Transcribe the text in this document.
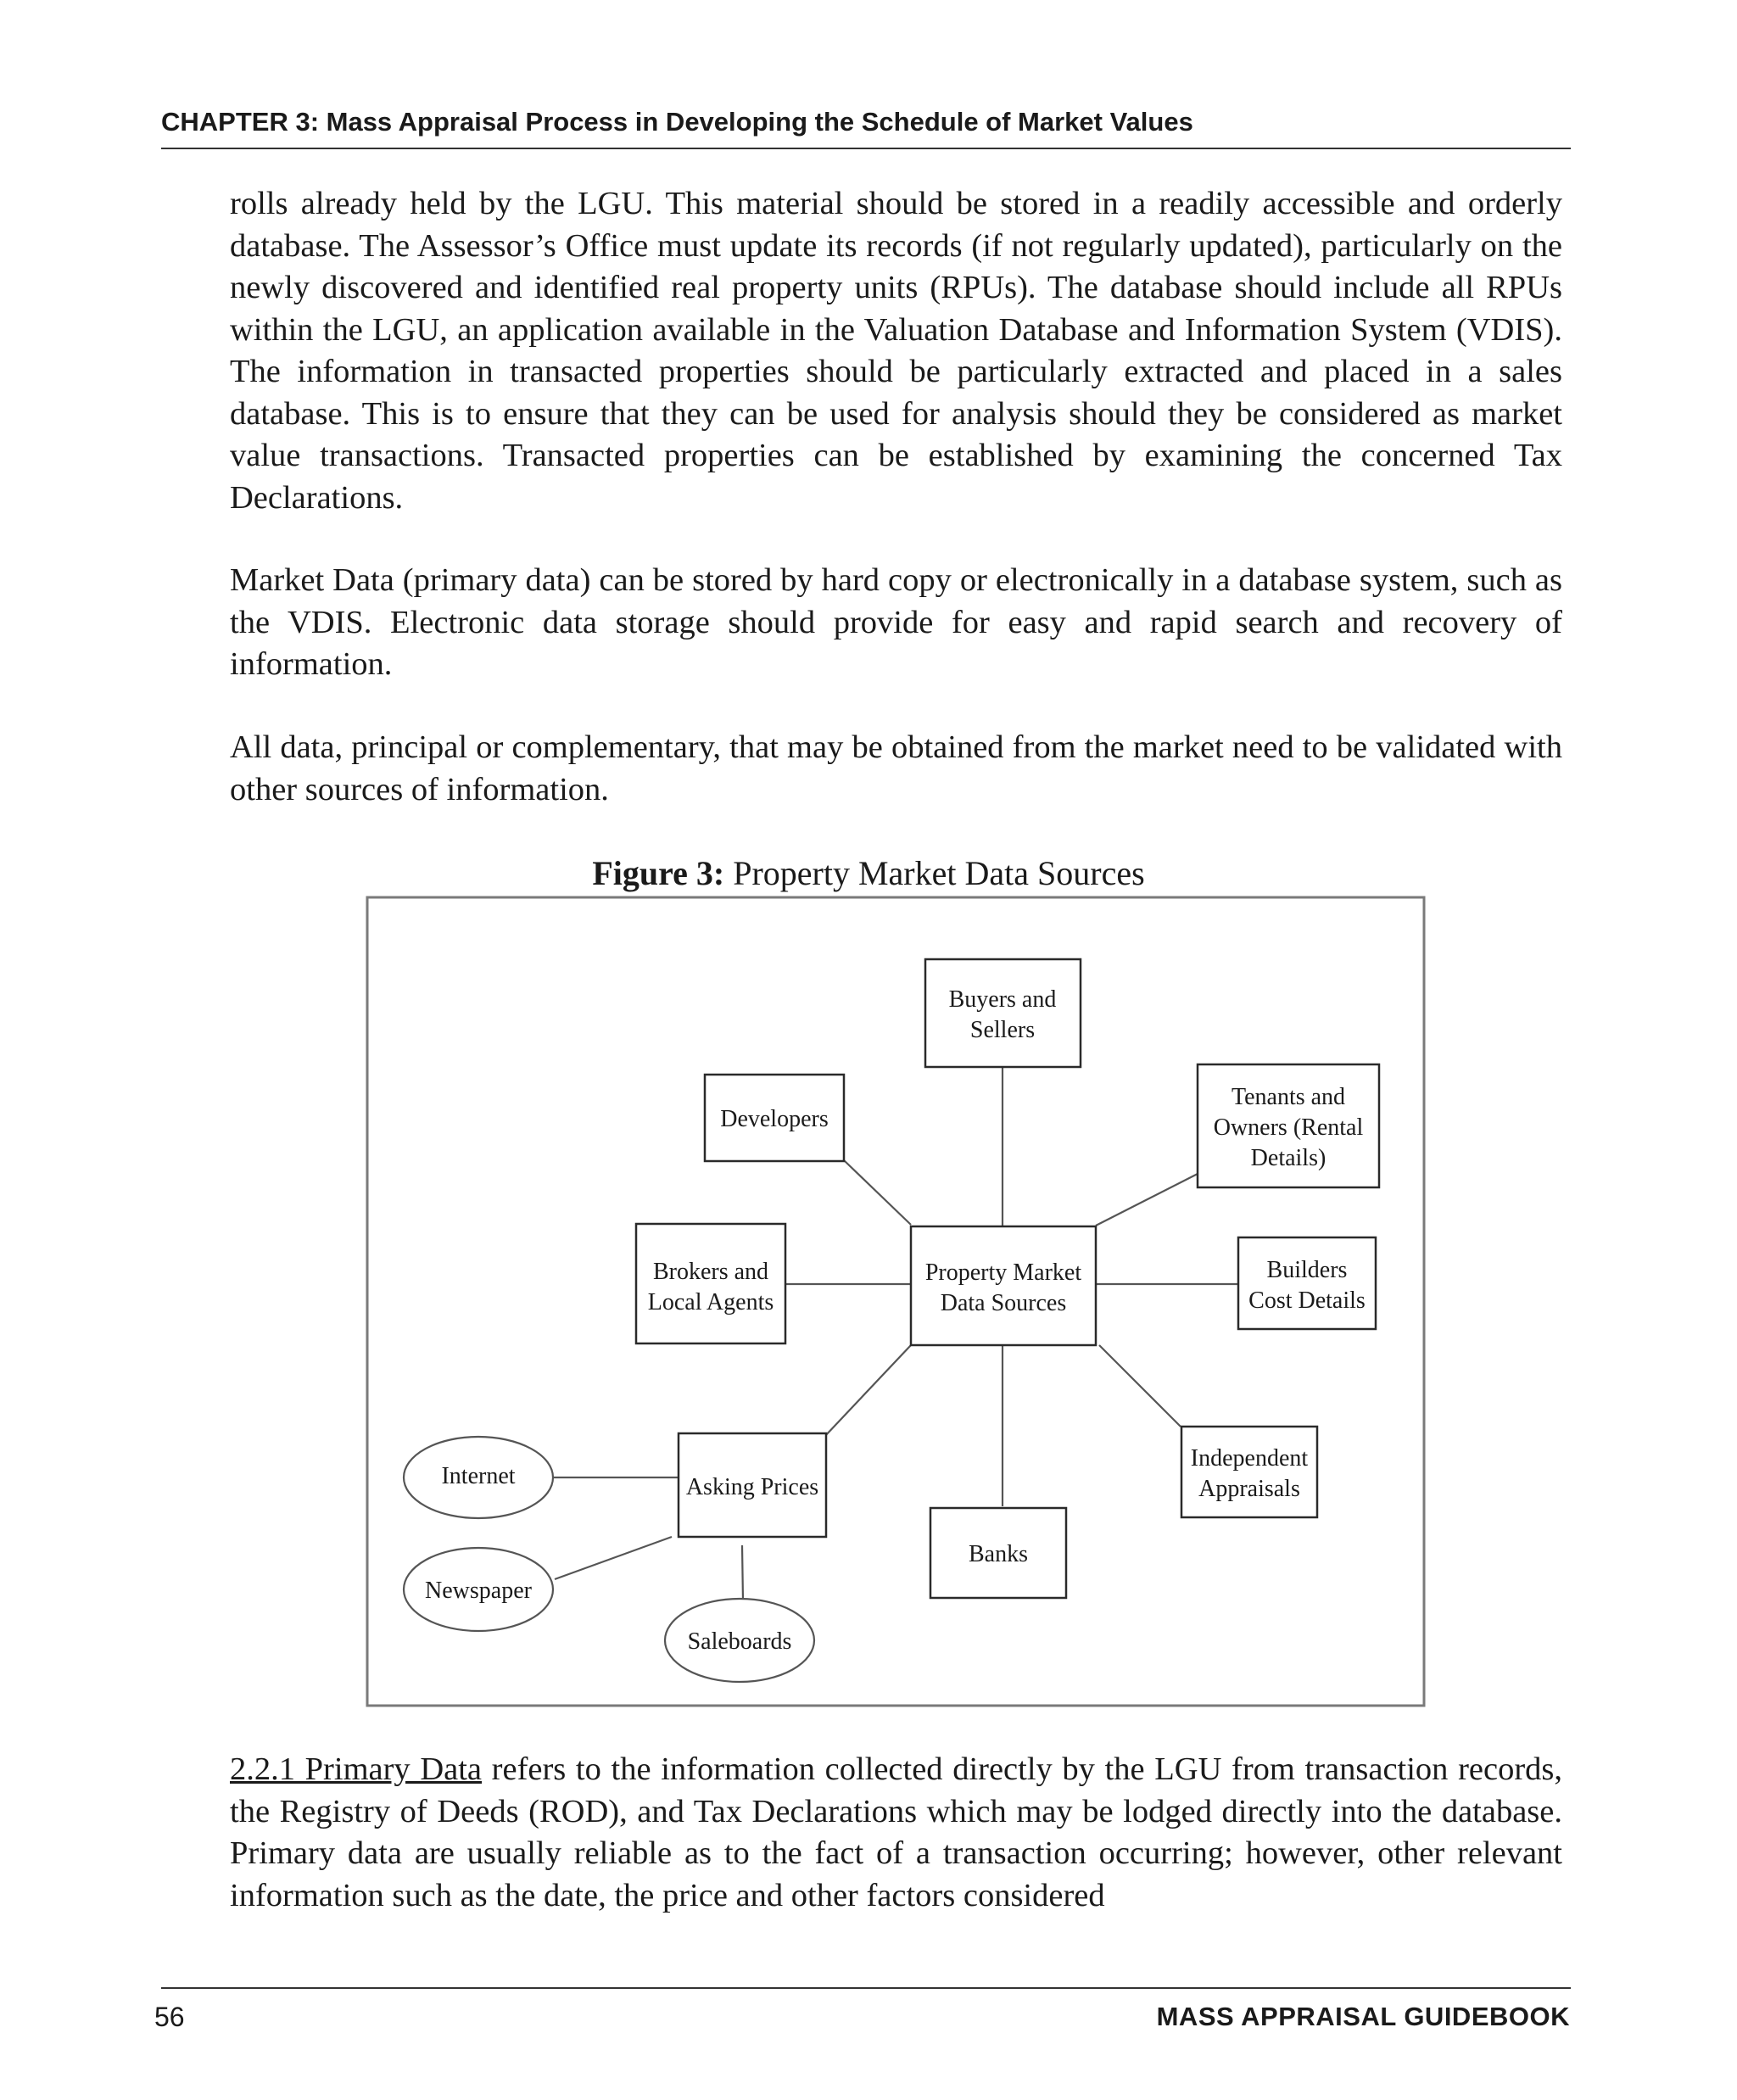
CHAPTER 3: Mass Appraisal Process in Developing the Schedule of Market Values

rolls already held by the LGU. This material should be stored in a readily accessible and orderly database. The Assessor’s Office must update its records (if not regularly updated), particularly on the newly discovered and identified real property units (RPUs). The database should include all RPUs within the LGU, an application available in the Valuation Database and Information System (VDIS). The information in transacted properties should be particularly extracted and placed in a sales database. This is to ensure that they can be used for analysis should they be considered as market value transactions. Transacted properties can be established by examining the concerned Tax Declarations.

Market Data (primary data) can be stored by hard copy or electronically in a database system, such as the VDIS. Electronic data storage should provide for easy and rapid search and recovery of information.

All data, principal or complementary, that may be obtained from the market need to be validated with other sources of information.

Figure 3: Property Market Data Sources
Buyers and
Sellers
Developers
Tenants and
Owners (Rental
Details)
Brokers and
Local Agents
Property Market
Data Sources
Builders
Cost Details
Asking Prices
Independent
Appraisals
Banks
Internet
Newspaper
Saleboards

2.2.1 Primary Data refers to the information collected directly by the LGU from transaction records, the Registry of Deeds (ROD), and Tax Declarations which may be lodged directly into the database. Primary data are usually reliable as to the fact of a transaction occurring; however, other relevant information such as the date, the price and other factors considered

56	MASS APPRAISAL GUIDEBOOK
